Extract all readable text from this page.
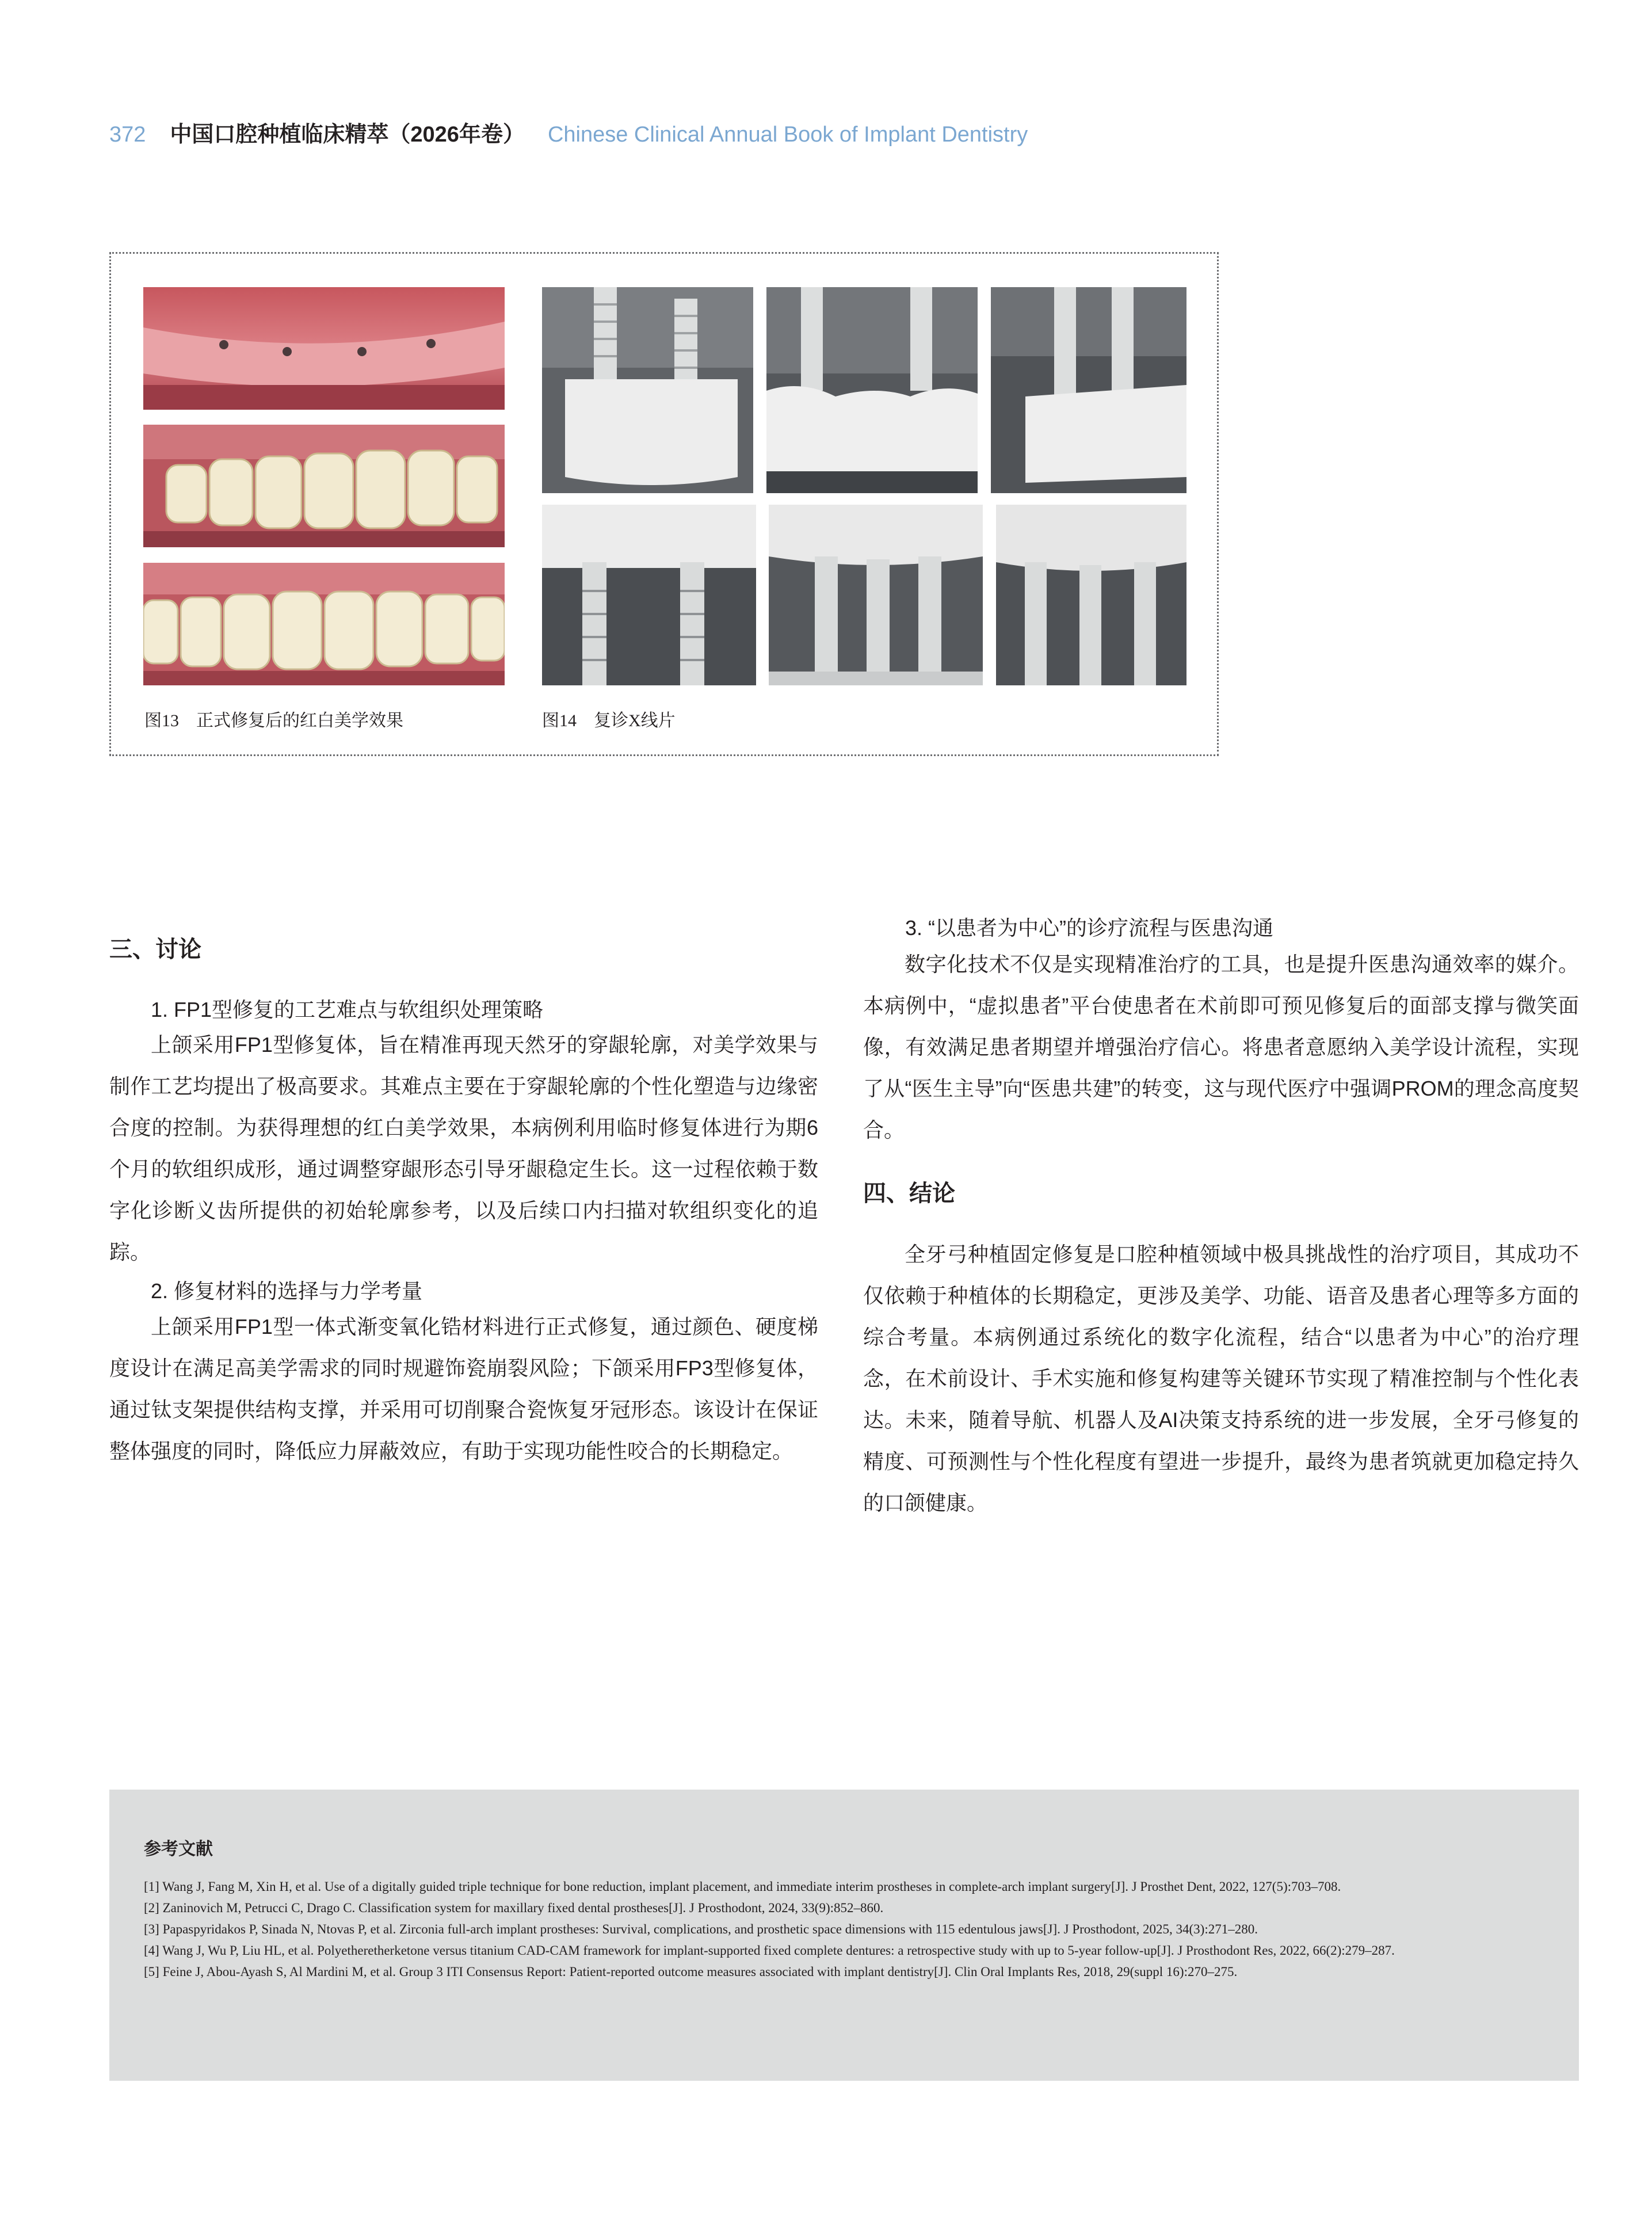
372 中国口腔种植临床精萃（2026年卷） Chinese Clinical Annual Book of Implant Dentistry
图13　正式修复后的红白美学效果	图14　复诊X线片
三、讨论
1. FP1型修复的工艺难点与软组织处理策略

上颌采用FP1型修复体，旨在精准再现天然牙的穿龈轮廓，对美学效果与制作工艺均提出了极高要求。其难点主要在于穿龈轮廓的个性化塑造与边缘密合度的控制。为获得理想的红白美学效果，本病例利用临时修复体进行为期6个月的软组织成形，通过调整穿龈形态引导牙龈稳定生长。这一过程依赖于数字化诊断义齿所提供的初始轮廓参考，以及后续口内扫描对软组织变化的追踪。

2. 修复材料的选择与力学考量

上颌采用FP1型一体式渐变氧化锆材料进行正式修复，通过颜色、硬度梯度设计在满足高美学需求的同时规避饰瓷崩裂风险；下颌采用FP3型修复体，通过钛支架提供结构支撑，并采用可切削聚合瓷恢复牙冠形态。该设计在保证整体强度的同时，降低应力屏蔽效应，有助于实现功能性咬合的长期稳定。

3. “以患者为中心”的诊疗流程与医患沟通

数字化技术不仅是实现精准治疗的工具，也是提升医患沟通效率的媒介。本病例中，“虚拟患者”平台使患者在术前即可预见修复后的面部支撑与微笑面像，有效满足患者期望并增强治疗信心。将患者意愿纳入美学设计流程，实现了从“医生主导”向“医患共建”的转变，这与现代医疗中强调PROM的理念高度契合。

四、结论

全牙弓种植固定修复是口腔种植领域中极具挑战性的治疗项目，其成功不仅依赖于种植体的长期稳定，更涉及美学、功能、语音及患者心理等多方面的综合考量。本病例通过系统化的数字化流程，结合“以患者为中心”的治疗理念，在术前设计、手术实施和修复构建等关键环节实现了精准控制与个性化表达。未来，随着导航、机器人及AI决策支持系统的进一步发展，全牙弓修复的精度、可预测性与个性化程度有望进一步提升，最终为患者筑就更加稳定持久的口颌健康。

参考文献
[1] Wang J, Fang M, Xin H, et al. Use of a digitally guided triple technique for bone reduction, implant placement, and immediate interim prostheses in complete-arch implant surgery[J]. J Prosthet Dent, 2022, 127(5):703–708.
[2] Zaninovich M, Petrucci C, Drago C. Classification system for maxillary fixed dental prostheses[J]. J Prosthodont, 2024, 33(9):852–860.
[3] Papaspyridakos P, Sinada N, Ntovas P, et al. Zirconia full-arch implant prostheses: Survival, complications, and prosthetic space dimensions with 115 edentulous jaws[J]. J Prosthodont, 2025, 34(3):271–280.
[4] Wang J, Wu P, Liu HL, et al. Polyetheretherketone versus titanium CAD-CAM framework for implant-supported fixed complete dentures: a retrospective study with up to 5-year follow-up[J]. J Prosthodont Res, 2022, 66(2):279–287.
[5] Feine J, Abou-Ayash S, Al Mardini M, et al. Group 3 ITI Consensus Report: Patient-reported outcome measures associated with implant dentistry[J]. Clin Oral Implants Res, 2018, 29(suppl 16):270–275.
